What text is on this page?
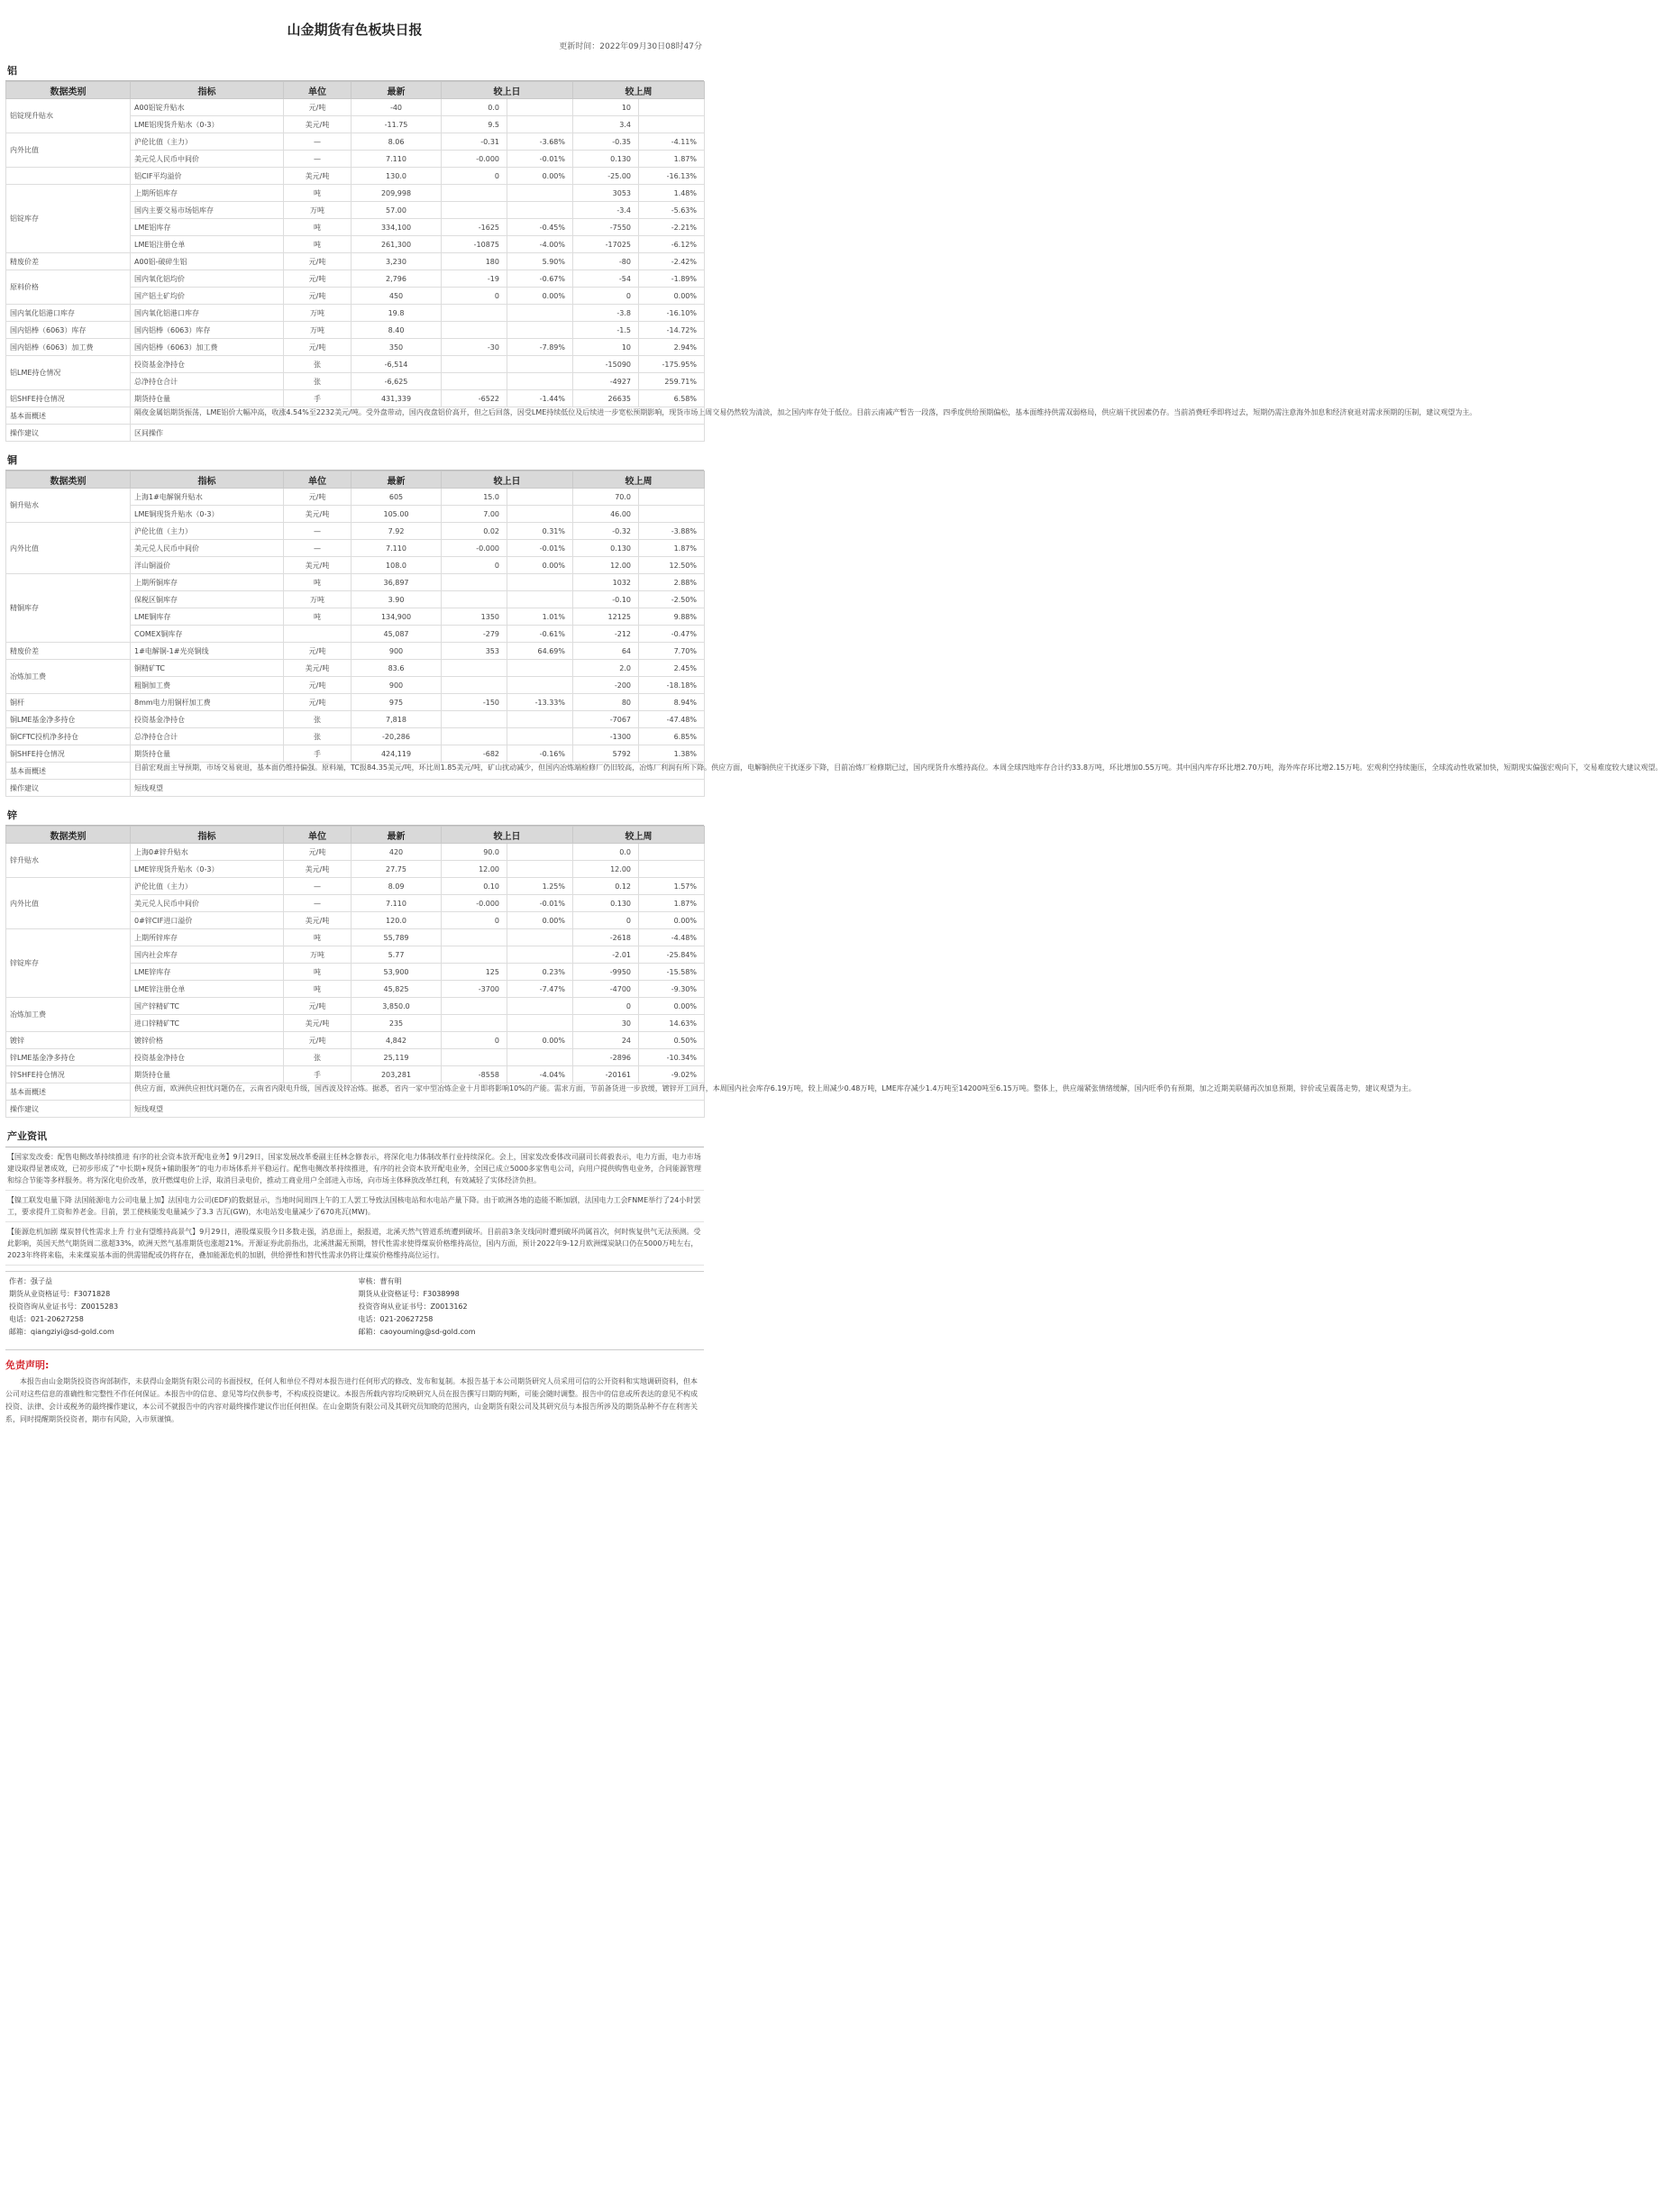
山金期货有色板块日报
更新时间：2022年09月30日08时47分
铝
数据类别	指标	单位	最新	较上日		较上周	
铝锭现升贴水	A00铝锭升贴水	元/吨	-40	0.0		10	
	LME铝现货升贴水（0-3）	美元/吨	-11.75	9.5		3.4	
内外比值	沪伦比值（主力）	—	8.06	-0.31	-3.68%	-0.35	-4.11%
	美元兑人民币中间价	—	7.110	-0.000	-0.01%	0.130	1.87%
	铝CIF平均溢价	美元/吨	130.0	0	0.00%	-25.00	-16.13%
铝锭库存	上期所铝库存	吨	209,998			3053	1.48%
	国内主要交易市场铝库存	万吨	57.00			-3.4	-5.63%
	LME铝库存	吨	334,100	-1625	-0.45%	-7550	-2.21%
	LME铝注册仓单	吨	261,300	-10875	-4.00%	-17025	-6.12%
精废价差	A00铝-破碎生铝	元/吨	3,230	180	5.90%	-80	-2.42%
原料价格	国内氧化铝均价	元/吨	2,796	-19	-0.67%	-54	-1.89%
	国产铝土矿均价	元/吨	450	0	0.00%	0	0.00%
国内氧化铝港口库存	国内氧化铝港口库存	万吨	19.8			-3.8	-16.10%
国内铝棒（6063）库存	国内铝棒（6063）库存	万吨	8.40			-1.5	-14.72%
国内铝棒（6063）加工费	国内铝棒（6063）加工费	元/吨	350	-30	-7.89%	10	2.94%
铝LME持仓情况	投资基金净持仓	张	-6,514			-15090	-175.95%
	总净持仓合计	张	-6,625			-4927	259.71%
铝SHFE持仓情况	期货持仓量	手	431,339	-6522	-1.44%	26635	6.58%
基本面概述	隔夜金属铝期货振荡，LME铝价大幅冲高，收涨4.54%至2232美元/吨。受外盘带动，国内夜盘铝价高开，但之后回落，因受LME持续低位及后续进一步宽松预期影响，现货市场上周交易仍然较为清淡，加之国内库存处于低位。目前云南减产暂告一段落，四季度供给预期偏松，基本面维持供需双弱格局，供应端干扰因素仍存。当前消费旺季即将过去，短期仍需注意海外加息和经济衰退对需求预期的压制，建议观望为主。						
操作建议	区间操作						
铜
数据类别	指标	单位	最新	较上日		较上周	
铜升贴水	上海1#电解铜升贴水	元/吨	605	15.0		70.0	
	LME铜现货升贴水（0-3）	美元/吨	105.00	7.00		46.00	
内外比值	沪伦比值（主力）	—	7.92	0.02	0.31%	-0.32	-3.88%
	美元兑人民币中间价	—	7.110	-0.000	-0.01%	0.130	1.87%
	洋山铜溢价	美元/吨	108.0	0	0.00%	12.00	12.50%
精铜库存	上期所铜库存	吨	36,897			1032	2.88%
	保税区铜库存	万吨	3.90			-0.10	-2.50%
	LME铜库存	吨	134,900	1350	1.01%	12125	9.88%
	COMEX铜库存		45,087	-279	-0.61%	-212	-0.47%
精废价差	1#电解铜-1#光亮铜线	元/吨	900	353	64.69%	64	7.70%
冶炼加工费	铜精矿TC	美元/吨	83.6			2.0	2.45%
	粗铜加工费	元/吨	900			-200	-18.18%
铜杆	8mm电力用铜杆加工费	元/吨	975	-150	-13.33%	80	8.94%
铜LME基金净多持仓	投资基金净持仓	张	7,818			-7067	-47.48%
铜CFTC投机净多持仓	总净持仓合计	张	-20,286			-1300	6.85%
铜SHFE持仓情况	期货持仓量	手	424,119	-682	-0.16%	5792	1.38%
基本面概述	目前宏观面主导预期，市场交易衰退，基本面仍维持偏强。原料端，TC报84.35美元/吨，环比周1.85美元/吨，矿山扰动减少，但国内冶炼端检修厂仍旧较高，冶炼厂利润有所下降。供应方面，电解铜供应干扰逐步下降，目前冶炼厂检修期已过，国内现货升水维持高位。本周全球四地库存合计约33.8万吨，环比增加0.55万吨。其中国内库存环比增2.70万吨，海外库存环比增2.15万吨。宏观利空持续施压，全球流动性收紧加快，短期现实偏强宏观向下，交易难度较大建议观望。						
操作建议	短线观望						
锌
数据类别	指标	单位	最新	较上日		较上周	
锌升贴水	上海0#锌升贴水	元/吨	420	90.0		0.0	
	LME锌现货升贴水（0-3）	美元/吨	27.75	12.00		12.00	
内外比值	沪伦比值（主力）	—	8.09	0.10	1.25%	0.12	1.57%
	美元兑人民币中间价	—	7.110	-0.000	-0.01%	0.130	1.87%
	0#锌CIF进口溢价	美元/吨	120.0	0	0.00%	0	0.00%
锌锭库存	上期所锌库存	吨	55,789			-2618	-4.48%
	国内社会库存	万吨	5.77			-2.01	-25.84%
	LME锌库存	吨	53,900	125	0.23%	-9950	-15.58%
	LME锌注册仓单	吨	45,825	-3700	-7.47%	-4700	-9.30%
冶炼加工费	国产锌精矿TC	元/吨	3,850.0			0	0.00%
	进口锌精矿TC	美元/吨	235			30	14.63%
镀锌	镀锌价格	元/吨	4,842	0	0.00%	24	0.50%
锌LME基金净多持仓	投资基金净持仓	张	25,119			-2896	-10.34%
锌SHFE持仓情况	期货持仓量	手	203,281	-8558	-4.04%	-20161	-9.02%
基本面概述	供应方面，欧洲供应担忧问题仍在，云南省内限电升级，国西波及锌冶炼。据悉，省内一家中型冶炼企业十月即将影响10%的产能。需求方面，节前备货进一步放缓，镀锌开工回升，本周国内社会库存6.19万吨，较上周减少0.48万吨，LME库存减少1.4万吨至14200吨至6.15万吨。整体上，供应端紧张情绪缓解，国内旺季仍有预期，加之近期美联储再次加息预期，锌价或呈震荡走势，建议观望为主。						
操作建议	短线观望						
产业资讯

【国家发改委：配售电侧改革持续推进 有序的社会资本放开配电业务】9月29日，国家发展改革委副主任林念修表示，将深化电力体制改革行业持续深化。会上，国家发改委体改司副司长蒋毅表示，电力方面，电力市场建设取得显著成效，已初步形成了“中长期+现货+辅助服务”的电力市场体系并平稳运行。配售电侧改革持续推进，有序的社会资本放开配电业务，全国已成立5000多家售电公司，向用户提供购售电业务，合同能源管理和综合节能等多样服务。将为深化电价改革，放开燃煤电价上浮，取消目录电价，推动工商业用户全部进入市场，向市场主体释放改革红利，有效减轻了实体经济负担。

【镍工联发电量下降 法国能源电力公司电量上加】法国电力公司(EDF)的数据显示，当地时间周四上午的工人罢工导致法国核电站和水电站产量下降。由于欧洲各地的造能不断加剧，法国电力工会FNME举行了24小时罢工，要求提升工资和养老金。目前，罢工使核能发电量减少了3.3 吉瓦(GW)，水电站发电量减少了670兆瓦(MW)。

【能源危机加剧 煤炭替代性需求上升 行业有望维持高景气】9月29日，港股煤炭股今日多数走强，消息面上，据报道，北溪天然气管道系统遭到破坏。目前前3条支线同时遭到破坏尚属首次，何时恢复供气无法预测。受此影响，英国天然气期货周二涨超33%，欧洲天然气基准期货也涨超21%。开源证券此前指出，北溪泄漏无预期，替代性需求使得煤炭价格维持高位，国内方面，预计2022年9-12月欧洲煤炭缺口仍在5000万吨左右，2023年终将来临，未来煤炭基本面的供需错配或仍将存在，叠加能源危机的加剧，供给弹性和替代性需求仍将让煤炭价格维持高位运行。

作者：强子益
期货从业资格证号：F3071828
投资咨询从业证书号：Z0015283
电话：021-20627258
邮箱：qiangziyi@sd-gold.com
审核：曹有明
期货从业资格证号：F3038998
投资咨询从业证书号：Z0013162
电话：021-20627258
邮箱：caoyouming@sd-gold.com
免责声明:
本报告由山金期货投资咨询部制作，未获得山金期货有限公司的书面授权，任何人和单位不得对本报告进行任何形式的修改、发布和复制。本报告基于本公司期货研究人员采用可信的公开资料和实地调研资料，但本公司对这些信息的准确性和完整性不作任何保证。本报告中的信息、意见等均仅供参考，不构成投资建议。本报告所载内容均反映研究人员在报告撰写日期的判断，可能会随时调整。报告中的信息或所表达的意见不构成投资、法律、会计或税务的最终操作建议，本公司不就报告中的内容对最终操作建议作出任何担保。在山金期货有限公司及其研究员知晓的范围内，山金期货有限公司及其研究员与本报告所涉及的期货品种不存在利害关系，同时提醒期货投资者，期市有风险，入市须谨慎。
